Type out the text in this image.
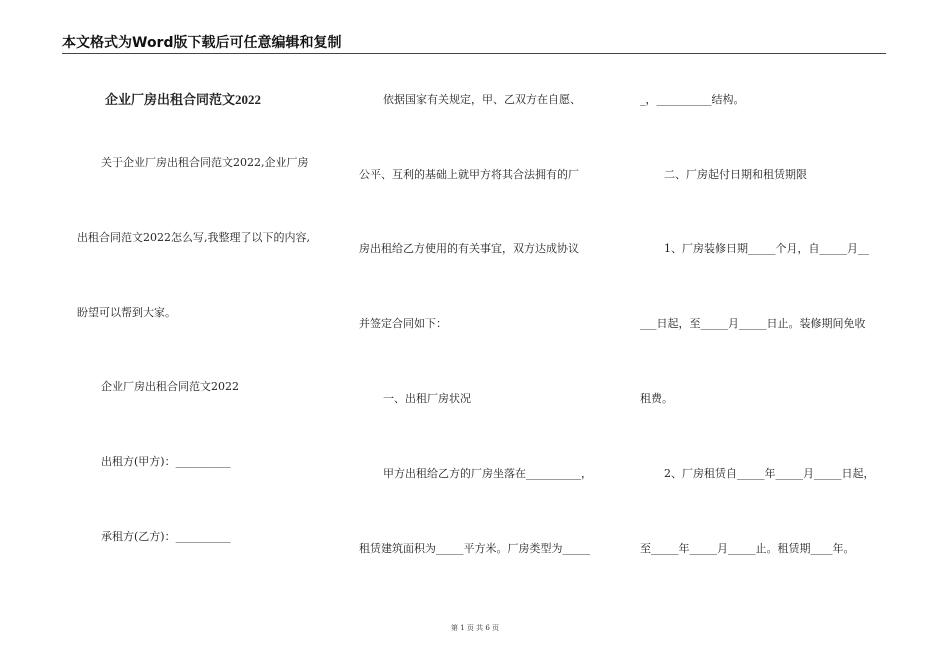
本文格式为Word版下载后可任意编辑和复制
企业厂房出租合同范文2022
关于企业厂房出租合同范文2022,企业厂房
出租合同范文2022怎么写,我整理了以下的内容,
盼望可以帮到大家。
企业厂房出租合同范文2022
出租方(甲方)：__________
承租方(乙方)：__________
依据国家有关规定，甲、乙双方在自愿、
公平、互利的基础上就甲方将其合法拥有的厂
房出租给乙方使用的有关事宜，双方达成协议
并签定合同如下：
一、出租厂房状况
甲方出租给乙方的厂房坐落在__________，
租赁建筑面积为_____平方米。厂房类型为_____
_，__________结构。
二、厂房起付日期和租赁期限
1、厂房装修日期_____个月，自_____月__
___日起，至_____月_____日止。装修期间免收
租费。
2、厂房租赁自_____年_____月_____日起，
至_____年_____月_____止。租赁期____年。
第 1 页 共 6 页
